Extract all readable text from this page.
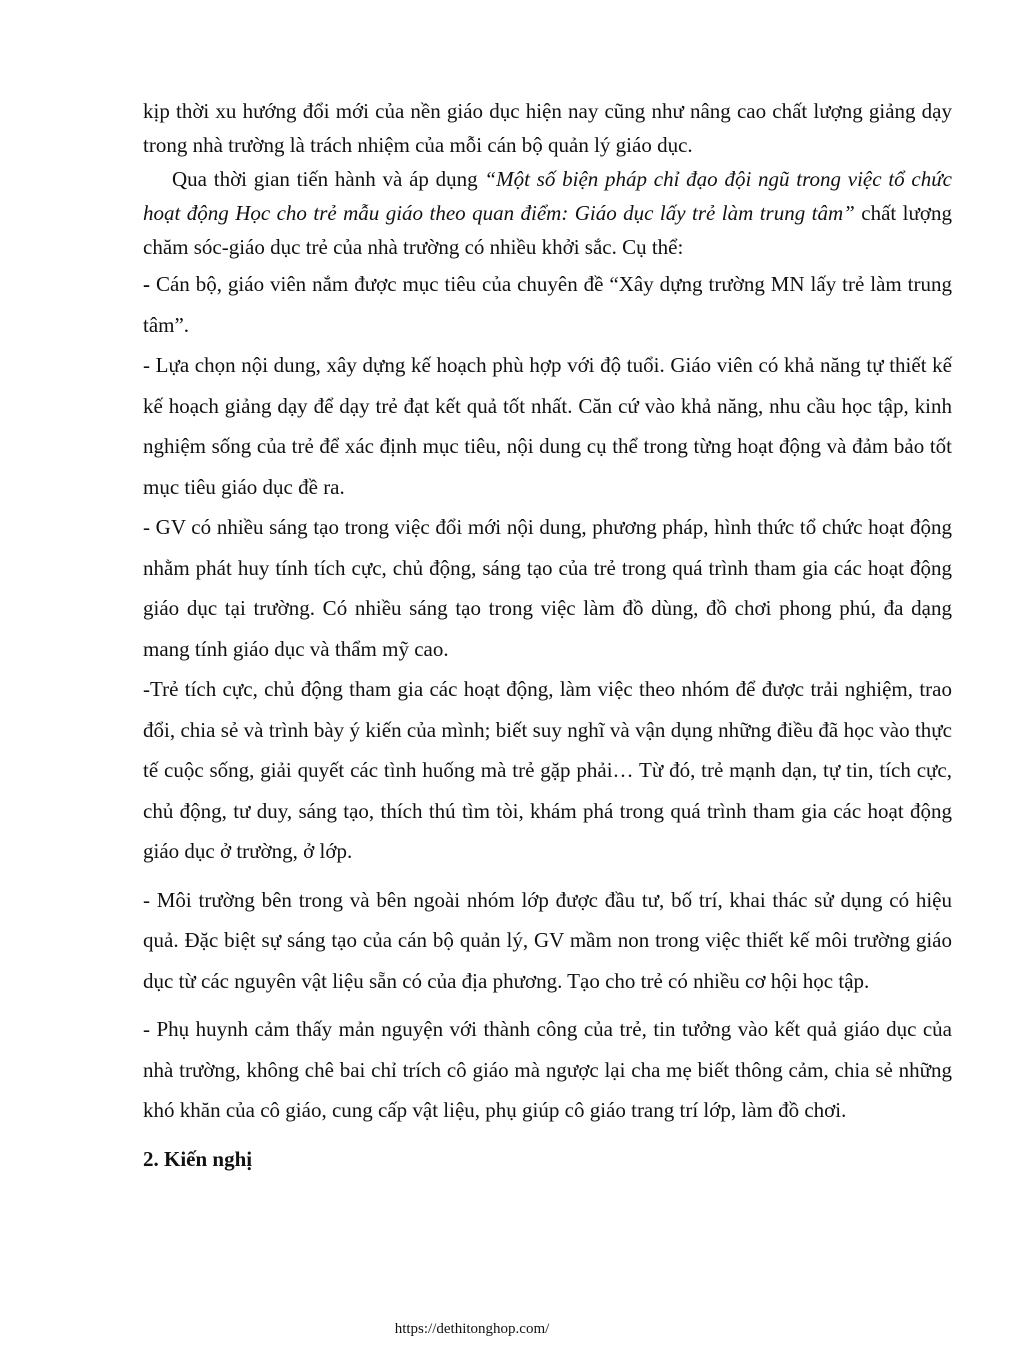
kịp thời xu hướng đổi mới của nền giáo dục hiện nay cũng như nâng cao chất lượng giảng dạy trong nhà trường là trách nhiệm của mỗi cán bộ quản lý giáo dục.

Qua thời gian tiến hành và áp dụng “Một số biện pháp chỉ đạo đội ngũ trong việc tổ chức hoạt động Học cho trẻ mẫu giáo theo quan điểm: Giáo dục lấy trẻ làm trung tâm” chất lượng chăm sóc-giáo dục trẻ của nhà trường có nhiều khởi sắc. Cụ thể:

- Cán bộ, giáo viên nắm được mục tiêu của chuyên đề “Xây dựng trường MN lấy trẻ làm trung tâm”.

- Lựa chọn nội dung, xây dựng kế hoạch phù hợp với độ tuổi. Giáo viên có khả năng tự thiết kế kế hoạch giảng dạy để dạy trẻ đạt kết quả tốt nhất. Căn cứ vào khả năng, nhu cầu học tập, kinh nghiệm sống của trẻ để xác định mục tiêu, nội dung cụ thể trong từng hoạt động và đảm bảo tốt mục tiêu giáo dục đề ra.

- GV có nhiều sáng tạo trong việc đổi mới nội dung, phương pháp, hình thức tổ chức hoạt động nhằm phát huy tính tích cực, chủ động, sáng tạo của trẻ trong quá trình tham gia các hoạt động giáo dục tại trường. Có nhiều sáng tạo trong việc làm đồ dùng, đồ chơi phong phú, đa dạng mang tính giáo dục và thẩm mỹ cao.

-Trẻ tích cực, chủ động tham gia các hoạt động, làm việc theo nhóm để được trải nghiệm, trao đổi, chia sẻ và trình bày ý kiến của mình; biết suy nghĩ và vận dụng những điều đã học vào thực tế cuộc sống, giải quyết các tình huống mà trẻ gặp phải… Từ đó, trẻ mạnh dạn, tự tin, tích cực, chủ động, tư duy, sáng tạo, thích thú tìm tòi, khám phá trong quá trình tham gia các hoạt động giáo dục ở trường, ở lớp.

- Môi trường bên trong và bên ngoài nhóm lớp được đầu tư, bố trí, khai thác sử dụng có hiệu quả. Đặc biệt sự sáng tạo của cán bộ quản lý, GV mầm non trong việc thiết kế môi trường giáo dục từ các nguyên vật liệu sẵn có của địa phương. Tạo cho trẻ có nhiều cơ hội học tập.

- Phụ huynh cảm thấy mản nguyện với thành công của trẻ, tin tưởng vào kết quả giáo dục của nhà trường, không chê bai chỉ trích cô giáo mà ngược lại cha mẹ biết thông cảm, chia sẻ những khó khăn của cô giáo, cung cấp vật liệu, phụ giúp cô giáo trang trí lớp, làm đồ chơi.

2. Kiến nghị
https://dethitonghop.com/
